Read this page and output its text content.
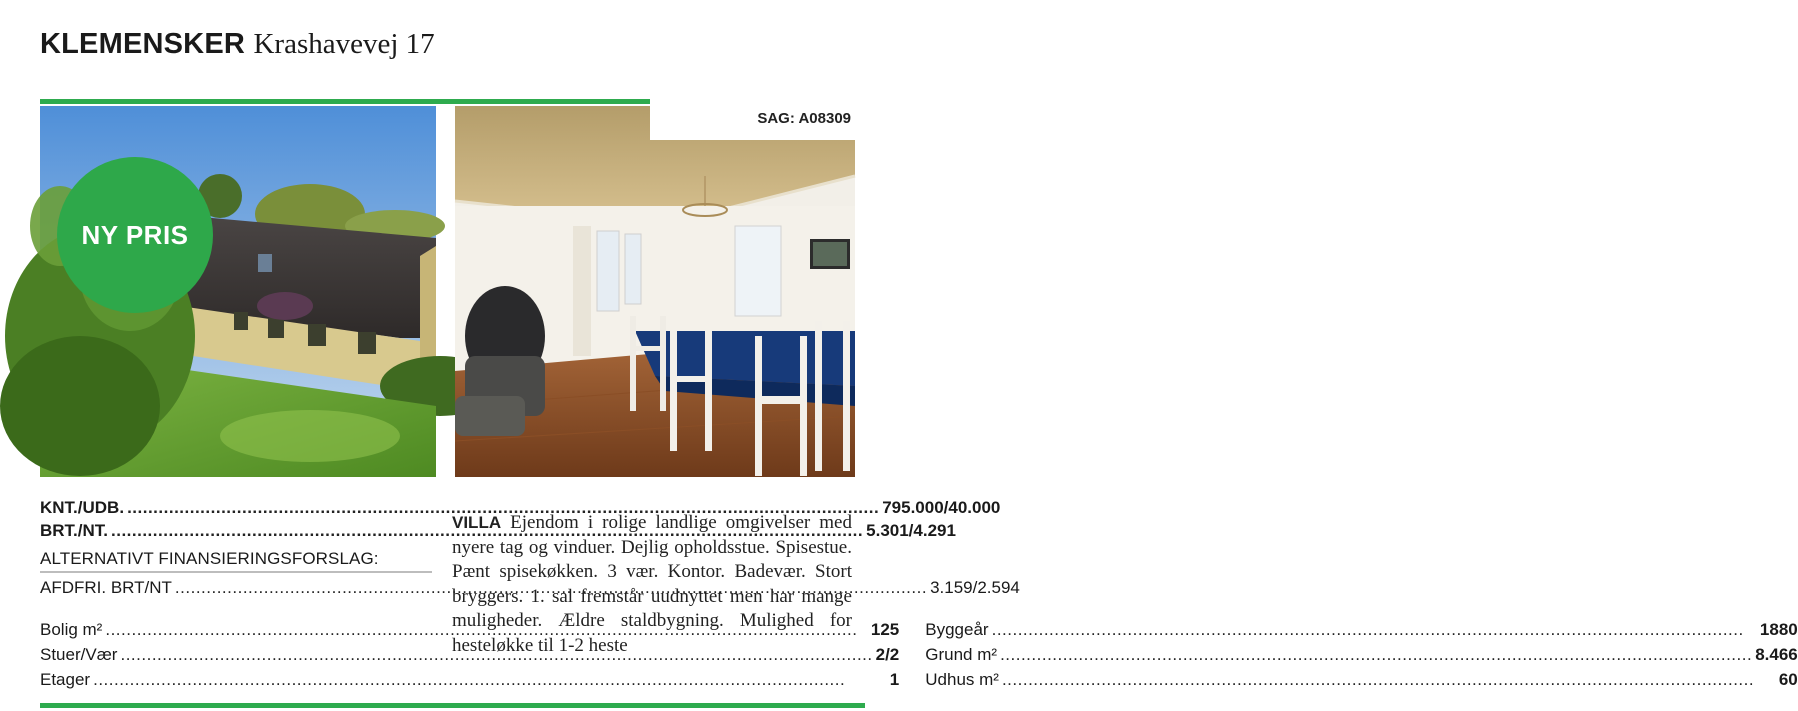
KLEMENSKER Krashavevej 17
SAG: A08309
NY PRIS
KNT./UDB. .....	795.000/40.000
BRT./NT. .....	5.301/4.291
ALTERNATIVT FINANSIERINGSFORSLAG:
AFDFRI. BRT/NT .....	3.159/2.594
Bolig m² .....	125
Stuer/Vær .....	2/2
Etager .....	1
Byggeår .....	1880
Grund m² .....	8.466
Udhus m² .....	60
VILLA Ejendom i rolige landlige omgivelser med nyere tag og vinduer. Dejlig opholdsstue. Spisestue. Pænt spisekøkken. 3 vær. Kontor. Badevær. Stort bryggers. 1. sal fremstår uudnyttet men har mange muligheder. Ældre staldbygning. Mulighed for hesteløkke til 1-2 heste
